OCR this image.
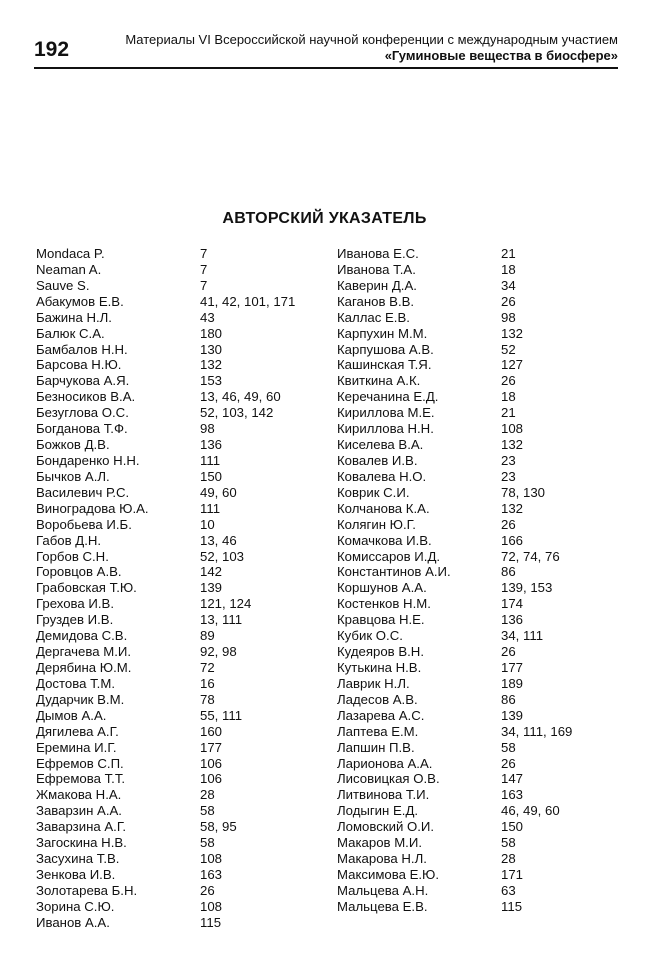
192	Материалы VI Всероссийской научной конференции с международным участием
«Гуминовые вещества в биосфере»
АВТОРСКИЙ УКАЗАТЕЛЬ
Mondaca P.	7
Neaman A.	7
Sauve S.	7
Абакумов Е.В.	41, 42, 101, 171
Бажина Н.Л.	43
Балюк С.А.	180
Бамбалов Н.Н.	130
Барсова Н.Ю.	132
Барчукова А.Я.	153
Безносиков В.А.	13, 46, 49, 60
Безуглова О.С.	52, 103, 142
Богданова Т.Ф.	98
Божков Д.В.	136
Бондаренко Н.Н.	111
Бычков А.Л.	150
Василевич Р.С.	49, 60
Виноградова Ю.А.	111
Воробьева И.Б.	10
Габов Д.Н.	13, 46
Горбов С.Н.	52, 103
Горовцов А.В.	142
Грабовская Т.Ю.	139
Грехова И.В.	121, 124
Груздев И.В.	13, 111
Демидова С.В.	89
Дергачева М.И.	92, 98
Дерябина Ю.М.	72
Достова Т.М.	16
Дударчик В.М.	78
Дымов А.А.	55, 111
Дягилева А.Г.	160
Еремина И.Г.	177
Ефремов С.П.	106
Ефремова Т.Т.	106
Жмакова Н.А.	28
Заварзин А.А.	58
Заварзина А.Г.	58, 95
Загоскина Н.В.	58
Засухина Т.В.	108
Зенкова И.В.	163
Золотарева Б.Н.	26
Зорина С.Ю.	108
Иванов А.А.	115
Иванова Е.С.	21
Иванова Т.А.	18
Каверин Д.А.	34
Каганов В.В.	26
Каллас Е.В.	98
Карпухин М.М.	132
Карпушова А.В.	52
Кашинская Т.Я.	127
Квиткина А.К.	26
Керечанина Е.Д.	18
Кириллова М.Е.	21
Кириллова Н.Н.	108
Киселева В.А.	132
Ковалев И.В.	23
Ковалева Н.О.	23
Коврик С.И.	78, 130
Колчанова К.А.	132
Колягин Ю.Г.	26
Комачкова И.В.	166
Комиссаров И.Д.	72, 74, 76
Константинов А.И.	86
Коршунов А.А.	139, 153
Костенков Н.М.	174
Кравцова Н.Е.	136
Кубик О.С.	34, 111
Кудеяров В.Н.	26
Кутькина Н.В.	177
Лаврик Н.Л.	189
Ладесов А.В.	86
Лазарева А.С.	139
Лаптева Е.М.	34, 111, 169
Лапшин П.В.	58
Ларионова А.А.	26
Лисовицкая О.В.	147
Литвинова Т.И.	163
Лодыгин Е.Д.	46, 49, 60
Ломовский О.И.	150
Макаров М.И.	58
Макарова Н.Л.	28
Максимова Е.Ю.	171
Мальцева А.Н.	63
Мальцева Е.В.	115
